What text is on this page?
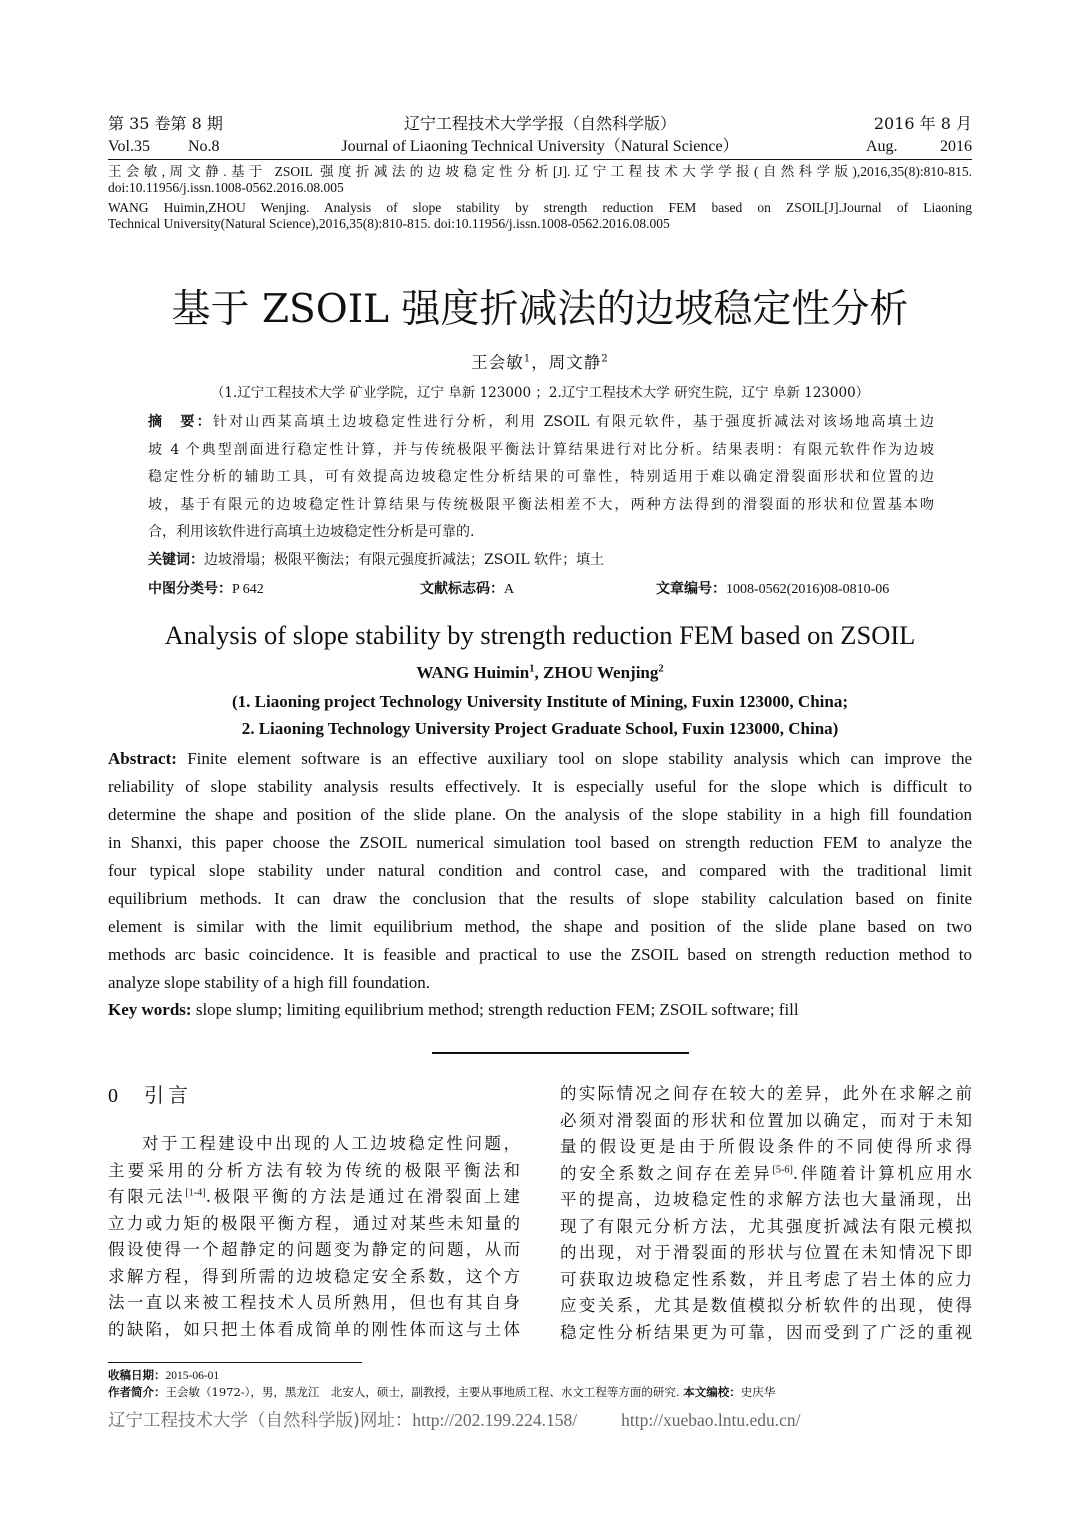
第 35 卷第 8 期	辽宁工程技术大学学报（自然科学版）	2016 年 8 月
Vol.35 No.8	Journal of Liaoning Technical University（Natural Science）	Aug.	2016
王会敏,周文静.基于 ZSOIL 强度折减法的边坡稳定性分析[J].辽宁工程技术大学学报(自然科学版),2016,35(8):810-815.
doi:10.11956/j.issn.1008-0562.2016.08.005
WANG Huimin,ZHOU Wenjing. Analysis of slope stability by strength reduction FEM based on ZSOIL[J].Journal of Liaoning
Technical University(Natural Science),2016,35(8):810-815. doi:10.11956/j.issn.1008-0562.2016.08.005
基于 ZSOIL 强度折减法的边坡稳定性分析
王会敏$^1$，周文静$^2$
（1.辽宁工程技术大学 矿业学院，辽宁 阜新 123000 ；2.辽宁工程技术大学 研究生院，辽宁 阜新 123000）
摘　要：针对山西某高填土边坡稳定性进行分析，利用 ZSOIL 有限元软件，基于强度折减法对该场地高填土边
坡 4 个典型剖面进行稳定性计算，并与传统极限平衡法计算结果进行对比分析。结果表明：有限元软件作为边坡
稳定性分析的辅助工具，可有效提高边坡稳定性分析结果的可靠性，特别适用于难以确定滑裂面形状和位置的边
坡，基于有限元的边坡稳定性计算结果与传统极限平衡法相差不大，两种方法得到的滑裂面的形状和位置基本吻
合，利用该软件进行高填土边坡稳定性分析是可靠的.
关键词：边坡滑塌；极限平衡法；有限元强度折减法；ZSOIL 软件；填土
中图分类号：P 642	文献标志码：A	文章编号：1008-0562(2016)08-0810-06
Analysis of slope stability by strength reduction FEM based on ZSOIL
WANG Huimin$^1$, ZHOU Wenjing$^2$
(1. Liaoning project Technology University Institute of Mining, Fuxin 123000, China;
2. Liaoning Technology University Project Graduate School, Fuxin 123000, China)
Abstract: Finite element software is an effective auxiliary tool on slope stability analysis which can improve the
reliability of slope stability analysis results effectively. It is especially useful for the slope which is difficult to
determine the shape and position of the slide plane. On the analysis of the slope stability in a high fill foundation
in Shanxi, this paper choose the ZSOIL numerical simulation tool based on strength reduction FEM to analyze the
four typical slope stability under natural condition and control case, and compared with the traditional limit
equilibrium methods. It can draw the conclusion that the results of slope stability calculation based on finite
element is similar with the limit equilibrium method, the shape and position of the slide plane based on two
methods arc basic coincidence. It is feasible and practical to use the ZSOIL based on strength reduction method to
analyze slope stability of a high fill foundation.
Key words: slope slump; limiting equilibrium method; strength reduction FEM; ZSOIL software; fill
0 引言
对于工程建设中出现的人工边坡稳定性问题，
主要采用的分析方法有较为传统的极限平衡法和
有限元法[1-4].极限平衡的方法是通过在滑裂面上建
立力或力矩的极限平衡方程，通过对某些未知量的
假设使得一个超静定的问题变为静定的问题，从而
求解方程，得到所需的边坡稳定安全系数，这个方
法一直以来被工程技术人员所熟用，但也有其自身
的缺陷，如只把土体看成简单的刚性体而这与土体
的实际情况之间存在较大的差异，此外在求解之前
必须对滑裂面的形状和位置加以确定，而对于未知
量的假设更是由于所假设条件的不同使得所求得
的安全系数之间存在差异[5-6].伴随着计算机应用水
平的提高，边坡稳定性的求解方法也大量涌现，出
现了有限元分析方法，尤其强度折减法有限元模拟
的出现，对于滑裂面的形状与位置在未知情况下即
可获取边坡稳定性系数，并且考虑了岩土体的应力
应变关系，尤其是数值模拟分析软件的出现，使得
稳定性分析结果更为可靠，因而受到了广泛的重视
收稿日期：2015-06-01
作者简介：王会敏（1972-），男，黑龙江　北安人，硕士，副教授，主要从事地质工程、水文工程等方面的研究. 本文编校：史庆华
辽宁工程技术大学（自然科学版)网址：http://202.199.224.158/	http://xuebao.lntu.edu.cn/
